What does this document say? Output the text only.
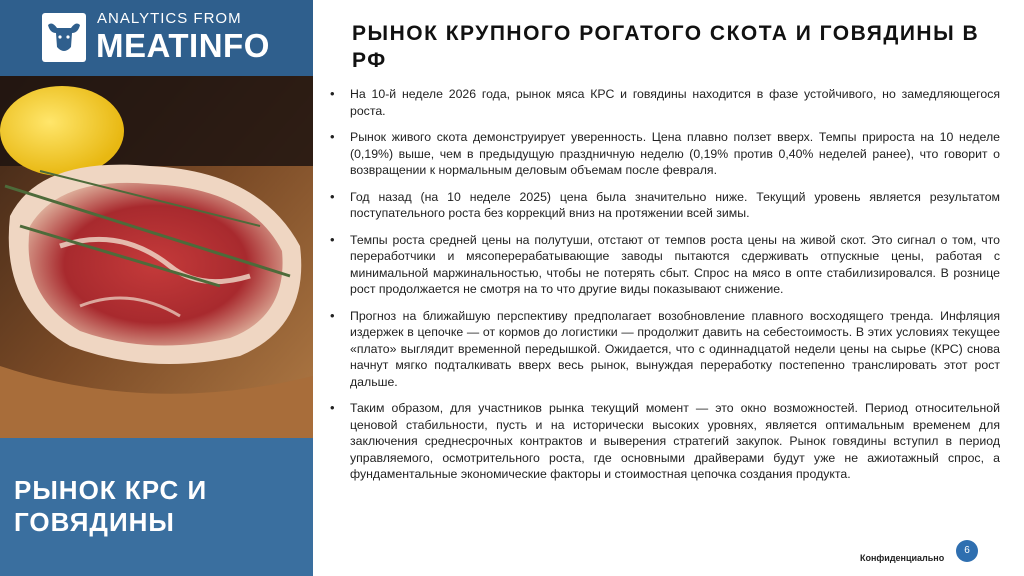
ANALYTICS FROM
MEATINFO
РЫНОК КРС И ГОВЯДИНЫ
РЫНОК КРУПНОГО РОГАТОГО СКОТА И ГОВЯДИНЫ В РФ
• На 10-й неделе 2026 года, рынок мяса КРС и говядины находится в фазе устойчивого, но замедляющегося роста.
• Рынок живого скота демонструирует уверенность. Цена плавно ползет вверх. Темпы прироста на 10 неделе (0,19%) выше, чем в предыдущую праздничную неделю (0,19% против 0,40% неделей ранее), что говорит о возвращении к нормальным деловым объемам после февраля.
• Год назад (на 10 неделе 2025) цена была значительно ниже. Текущий уровень является результатом поступательного роста без коррекций вниз на протяжении всей зимы.
• Темпы роста средней цены на полутуши, отстают от темпов роста цены на живой скот. Это сигнал о том, что переработчики и мясоперерабатывающие заводы пытаются сдерживать отпускные цены, работая с минимальной маржинальностью, чтобы не потерять сбыт. Спрос на мясо в опте стабилизировался. В рознице рост продолжается не смотря на то что другие виды показывают снижение.
• Прогноз на ближайшую перспективу предполагает возобновление плавного восходящего тренда. Инфляция издержек в цепочке — от кормов до логистики — продолжит давить на себестоимость. В этих условиях текущее «плато» выглядит временной передышкой. Ожидается, что с одиннадцатой недели цены на сырье (КРС) снова начнут мягко подталкивать вверх весь рынок, вынуждая переработку постепенно транслировать этот рост дальше.
• Таким образом, для участников рынка текущий момент — это окно возможностей. Период относительной ценовой стабильности, пусть и на исторически высоких уровнях, является оптимальным временем для заключения среднесрочных контрактов и выверения стратегий закупок. Рынок говядины вступил в период управляемого, осмотрительного роста, где основными драйверами будут уже не ажиотажный спрос, а фундаментальные экономические факторы и стоимостная цепочка создания продукта.
Конфиденциально
6
